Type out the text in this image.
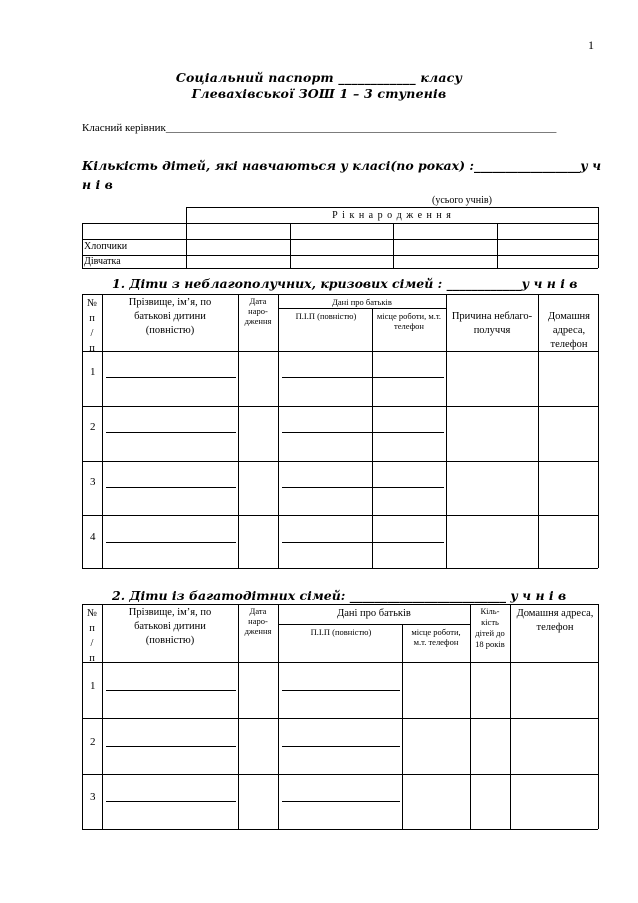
1
Соціальний паспорт ____________ класу
Глевахівської ЗОШ 1 – 3 ступенів
Класний керівник_______________________________________________________________________
Кількість дітей, які навчаються у класі(по роках) :_________________у ч н і в
(усього учнів)
Р і к н а р о д ж е н н я
Хлопчики
Дівчатка
1. Діти з неблагополучних, кризових сімей : ____________у ч н і в
№
п
/
п
Прізвище, ім’я, по батькові дитини (повністю)
Дата наро-дження
Дані про батьків
П.І.П (повністю)	місце роботи, м.т. телефон
Причина неблаго-получчя
Домашня адреса, телефон
1
2
3
4
2. Діти із багатодітних сімей: _________________________ у ч н і в
№
п
/
п
Прізвище, ім’я, по батькові дитини (повністю)
Дата наро-дження
Дані про батьків
П.І.П (повністю)	місце роботи, м.т. телефон
Кіль-кість дітей до 18 років
Домашня адреса, телефон
1
2
3
